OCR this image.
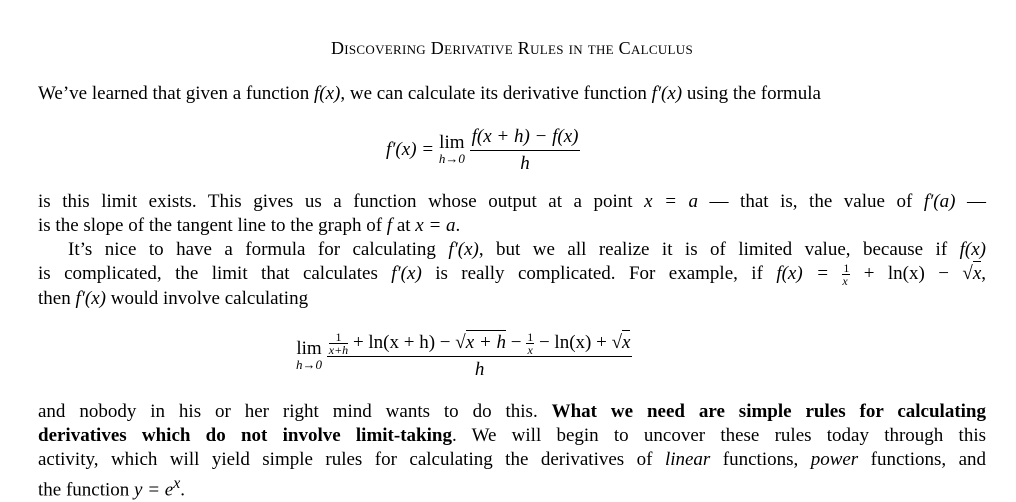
Discovering Derivative Rules in the Calculus
We’ve learned that given a function f(x), we can calculate its derivative function f′(x) using the formula
f′(x) = lim
h→0
$\frac{f(x + h) - f(x)}{h}$
is this limit exists. This gives us a function whose output at a point x = a — that is, the value of f′(a) —
is the slope of the tangent line to the graph of f at x = a.
It’s nice to have a formula for calculating f′(x), but we all realize it is of limited value, because if f(x)
is complicated, the limit that calculates f′(x) is really complicated. For example, if $f(x) = \frac{1}{x} + \ln(x) - √x$,
then f′(x) would involve calculating
lim
h→0
$\frac{\frac{1}{x+h} + \ln(x + h) - √x + h - \frac{1}{x} - \ln(x) + √x}{h}$
and nobody in his or her right mind wants to do this. What we need are simple rules for calculating
derivatives which do not involve limit-taking. We will begin to uncover these rules today through this
activity, which will yield simple rules for calculating the derivatives of linear functions, power functions, and
the function $y = e^x$.
